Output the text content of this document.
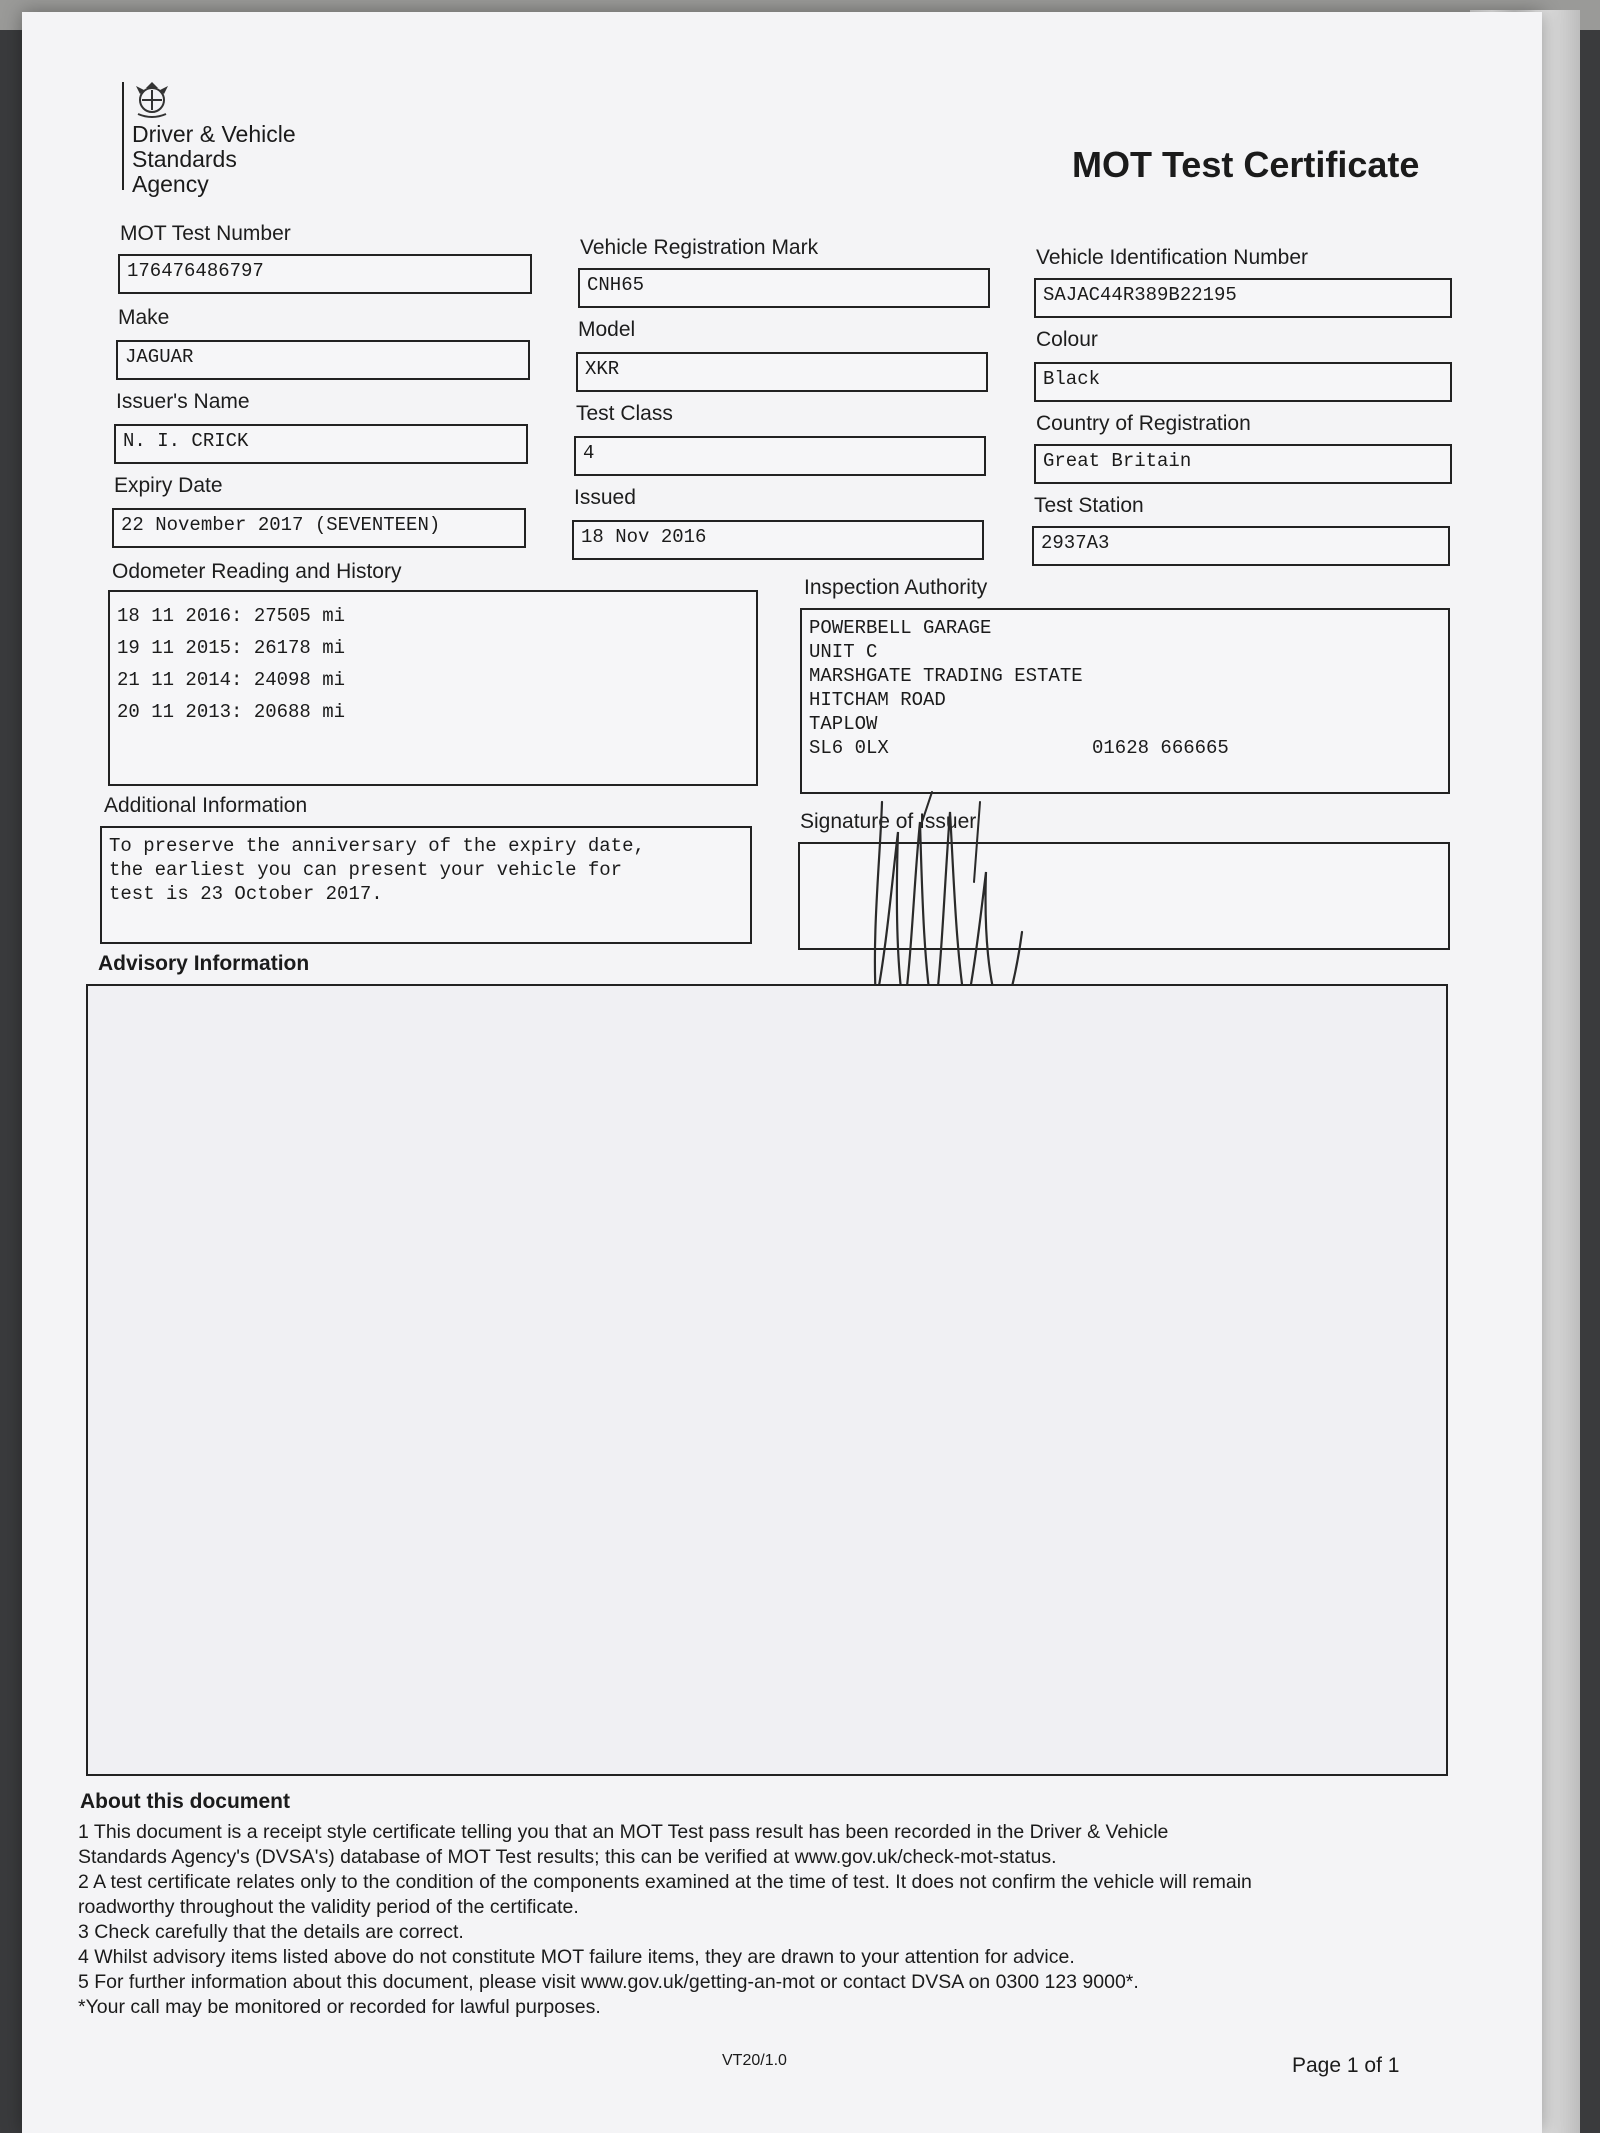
Driver & Vehicle
Standards
Agency	MOT Test Certificate
MOT Test Number
176476486797
Make
JAGUAR
Issuer's Name
N. I. CRICK
Expiry Date
22 November 2017 (SEVENTEEN)
Vehicle Registration Mark
CNH65
Model
XKR
Test Class
4
Issued
18 Nov 2016
Vehicle Identification Number
SAJAC44R389B22195
Colour
Black
Country of Registration
Great Britain
Test Station
2937A3
Odometer Reading and History
18 11 2016: 27505 mi
19 11 2015: 26178 mi
21 11 2014: 24098 mi
20 11 2013: 20688 mi
Inspection Authority
POWERBELL GARAGE
UNIT C
MARSHGATE TRADING ESTATE
HITCHAM ROAD
TAPLOW
SL6 0LX	01628 666665
Additional Information
To preserve the anniversary of the expiry date,
the earliest you can present your vehicle for
test is 23 October 2017.
Signature of Issuer
Advisory Information
About this document
1 This document is a receipt style certificate telling you that an MOT Test pass result has been recorded in the Driver & Vehicle
Standards Agency's (DVSA's) database of MOT Test results; this can be verified at www.gov.uk/check-mot-status.
2 A test certificate relates only to the condition of the components examined at the time of test. It does not confirm the vehicle will remain
roadworthy throughout the validity period of the certificate.
3 Check carefully that the details are correct.
4 Whilst advisory items listed above do not constitute MOT failure items, they are drawn to your attention for advice.
5 For further information about this document, please visit www.gov.uk/getting-an-mot or contact DVSA on 0300 123 9000*.
*Your call may be monitored or recorded for lawful purposes.
VT20/1.0	Page 1 of 1
